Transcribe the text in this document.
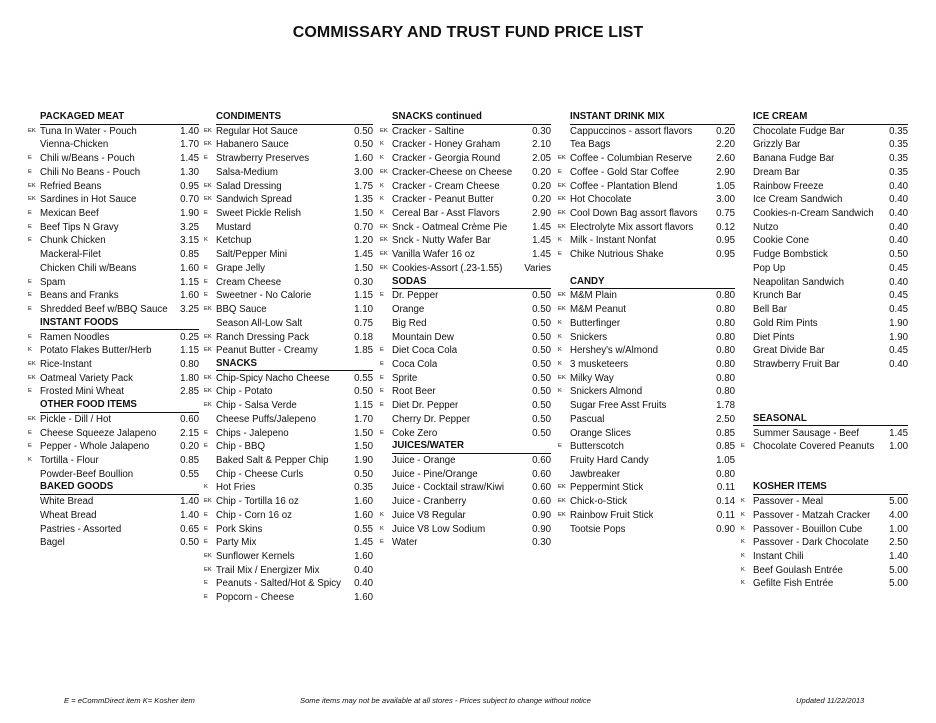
COMMISSARY AND TRUST FUND PRICE LIST
PACKAGED MEAT
EK Tuna In Water - Pouch	1.40
Vienna-Chicken	1.70
E Chili w/Beans - Pouch	1.45
E Chili No Beans - Pouch	1.30
EK Refried Beans	0.95
EK Sardines in Hot Sauce	0.70
E Mexican Beef	1.90
E Beef Tips N Gravy	3.25
E Chunk Chicken	3.15
Mackeral-Filet	0.85
Chicken Chili w/Beans	1.60
E Spam	1.15
E Beans and Franks	1.60
E Shredded Beef w/BBQ Sauce 3.25
INSTANT FOODS
E Ramen Noodles	0.25
K Potato Flakes Butter/Herb	1.15
EK Rice-Instant	0.80
EK Oatmeal Variety Pack	1.80
E Frosted Mini Wheat	2.85
OTHER FOOD ITEMS
EK Pickle - Dill / Hot	0.60
E Cheese Squeeze Jalapeno 2.15
E Pepper - Whole Jalapeno	0.20
K Tortilla - Flour	0.85
Powder-Beef Boullion	0.55
BAKED GOODS
White Bread	1.40
Wheat Bread	1.40
Pastries - Assorted	0.65
Bagel	0.50
CONDIMENTS
EK Regular Hot Sauce	0.50
EK Habanero Sauce	0.50
E Strawberry Preserves	1.60
Salsa-Medium	3.00
EK Salad Dressing	1.75
EK Sandwich Spread	1.35
E Sweet Pickle Relish	1.50
Mustard	0.70
K Ketchup	1.20
Salt/Pepper Mini	1.45
E Grape Jelly	1.50
E Cream Cheese	0.30
E Sweetner - No Calorie	1.15
EK BBQ Sauce	1.10
Season All-Low Salt	0.75
EK Ranch Dressing Pack	0.18
EK Peanut Butter - Creamy	1.85
SNACKS
EK Chip-Spicy Nacho Cheese	0.55
EK Chip - Potato	0.50
EK Chip - Salsa Verde	1.15
Cheese Puffs/Jalepeno	1.70
E Chips - Jalepeno	1.50
E Chip - BBQ	1.50
Baked Salt & Pepper Chip	1.90
Chip - Cheese Curls	0.50
K Hot Fries	0.35
EK Chip - Tortilla 16 oz	1.60
E Chip - Corn 16 oz	1.60
E Pork Skins	0.55
E Party Mix	1.45
EK Sunflower Kernels	1.60
EK Trail Mix / Energizer Mix	0.40
E Peanuts - Salted/Hot & Spicy 0.40
E Popcorn - Cheese	1.60
SNACKS continued
EK Cracker - Saltine	0.30
K Cracker - Honey Graham	2.10
K Cracker - Georgia Round	2.05
EK Cracker-Cheese on Cheese 0.20
K Cracker - Cream Cheese	0.20
K Cracker - Peanut Butter	0.20
K Cereal Bar - Asst Flavors	2.90
EK Snck - Oatmeal Crème Pie	1.45
EK Snck - Nutty Wafer Bar	1.45
EK Vanilla Wafer 16 oz	1.45
EK Cookies-Assort (.23-1.55) Varies
SODAS
E Dr. Pepper	0.50
Orange	0.50
Big Red	0.50
Mountain Dew	0.50
E Diet Coca Cola	0.50
E Coca Cola	0.50
E Sprite	0.50
E Root Beer	0.50
E Diet Dr. Pepper	0.50
Cherry Dr. Pepper	0.50
E Coke Zero	0.50
JUICES/WATER
Juice - Orange	0.60
Juice - Pine/Orange	0.60
Juice - Cocktail straw/Kiwi	0.60
Juice - Cranberry	0.60
K Juice V8 Regular	0.90
K Juice V8 Low Sodium	0.90
E Water	0.30
INSTANT DRINK MIX
Cappuccinos - assort flavors 0.20
Tea Bags	2.20
EK Coffee - Columbian Reserve 2.60
E Coffee - Gold Star Coffee	2.90
EK Coffee - Plantation Blend	1.05
EK Hot Chocolate	3.00
EK Cool Down Bag assort flavors 0.75
EK Electrolyte Mix assort flavors 0.12
K Milk - Instant Nonfat	0.95
E Chike Nutrious Shake	0.95
CANDY
EK M&M Plain	0.80
EK M&M Peanut	0.80
K Butterfinger	0.80
K Snickers	0.80
K Hershey's w/Almond	0.80
K 3 musketeers	0.80
EK Milky Way	0.80
K Snickers Almond	0.80
Sugar Free Asst Fruits	1.78
Pascual	2.50
Orange Slices	0.85
E Butterscotch	0.85
Fruity Hard Candy	1.05
Jawbreaker	0.80
EK Peppermint Stick	0.11
EK Chick-o-Stick	0.14
EK Rainbow Fruit Stick	0.11
Tootsie Pops	0.90
ICE CREAM
Chocolate Fudge Bar	0.35
Grizzly Bar	0.35
Banana Fudge Bar	0.35
Dream Bar	0.35
Rainbow Freeze	0.40
Ice Cream Sandwich	0.40
Cookies-n-Cream Sandwich 0.40
Nutzo	0.40
Cookie Cone	0.40
Fudge Bombstick	0.50
Pop Up	0.45
Neapolitan Sandwich	0.40
Krunch Bar	0.45
Bell Bar	0.45
Gold Rim Pints	1.90
Diet Pints	1.90
Great Divide Bar	0.45
Strawberry Fruit Bar	0.40
SEASONAL
Summer Sausage - Beef	1.45
E Chocolate Covered Peanuts 1.00
KOSHER ITEMS
K Passover - Meal	5.00
K Passover - Matzah Cracker 4.00
K Passover - Bouillon Cube	1.00
K Passover - Dark Chocolate 2.50
K Instant Chili	1.40
K Beef Goulash Entrée	5.00
K Gefilte Fish Entrée	5.00
E = eCommDirect item K= Kosher item	Some items may not be available at all stores - Prices subject to change without notice	Updated 11/22/2013
